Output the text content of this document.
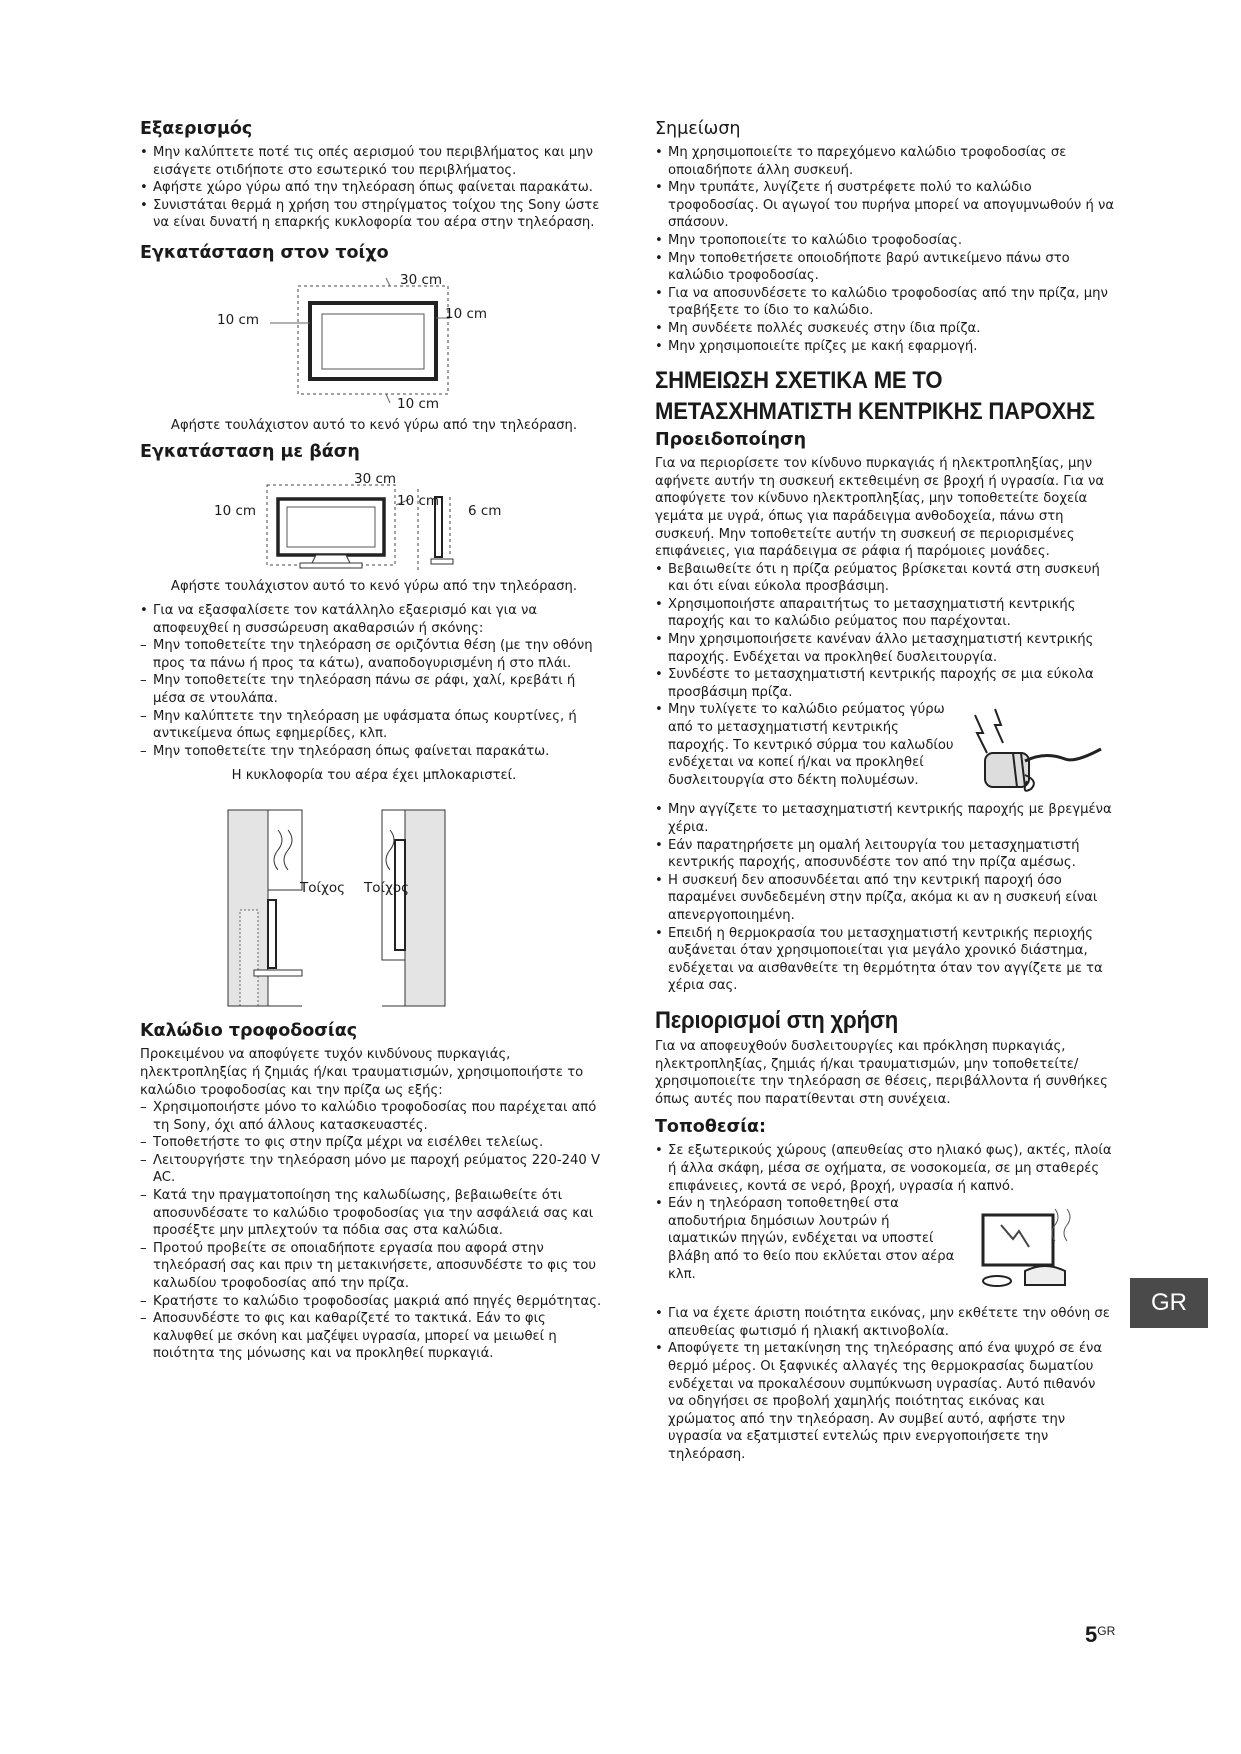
Εξαερισμός
• Μην καλύπτετε ποτέ τις οπές αερισμού του περιβλήματος και μην εισάγετε οτιδήποτε στο εσωτερικό του περιβλήματος.
• Αφήστε χώρο γύρω από την τηλεόραση όπως φαίνεται παρακάτω.
• Συνιστάται θερμά η χρήση του στηρίγματος τοίχου της Sony ώστε να είναι δυνατή η επαρκής κυκλοφορία του αέρα στην τηλεόραση.
Εγκατάσταση στον τοίχο
30 cm
10 cm	10 cm
10 cm
Αφήστε τουλάχιστον αυτό το κενό γύρω από την τηλεόραση.
Εγκατάσταση με βάση
30 cm
10 cm
10 cm
6 cm
Αφήστε τουλάχιστον αυτό το κενό γύρω από την τηλεόραση.
• Για να εξασφαλίσετε τον κατάλληλο εξαερισμό και για να αποφευχθεί η συσσώρευση ακαθαρσιών ή σκόνης:
– Μην τοποθετείτε την τηλεόραση σε οριζόντια θέση (με την οθόνη προς τα πάνω ή προς τα κάτω), αναποδογυρισμένη ή στο πλάι.
– Μην τοποθετείτε την τηλεόραση πάνω σε ράφι, χαλί, κρεβάτι ή μέσα σε ντουλάπα.
– Μην καλύπτετε την τηλεόραση με υφάσματα όπως κουρτίνες, ή αντικείμενα όπως εφημερίδες, κλπ.
– Μην τοποθετείτε την τηλεόραση όπως φαίνεται παρακάτω.
Η κυκλοφορία του αέρα έχει μπλοκαριστεί.
Τοίχος Τοίχος
Καλώδιο τροφοδοσίας

Προκειμένου να αποφύγετε τυχόν κινδύνους πυρκαγιάς, ηλεκτροπληξίας ή ζημιάς ή/και τραυματισμών, χρησιμοποιήστε το καλώδιο τροφοδοσίας και την πρίζα ως εξής:

– Χρησιμοποιήστε μόνο το καλώδιο τροφοδοσίας που παρέχεται από τη Sony, όχι από άλλους κατασκευαστές.
– Τοποθετήστε το φις στην πρίζα μέχρι να εισέλθει τελείως.
– Λειτουργήστε την τηλεόραση μόνο με παροχή ρεύματος 220-240 V AC.
– Κατά την πραγματοποίηση της καλωδίωσης, βεβαιωθείτε ότι αποσυνδέσατε το καλώδιο τροφοδοσίας για την ασφάλειά σας και προσέξτε μην μπλεχτούν τα πόδια σας στα καλώδια.
– Προτού προβείτε σε οποιαδήποτε εργασία που αφορά στην τηλεόρασή σας και πριν τη μετακινήσετε, αποσυνδέστε το φις του καλωδίου τροφοδοσίας από την πρίζα.
– Κρατήστε το καλώδιο τροφοδοσίας μακριά από πηγές θερμότητας.
– Αποσυνδέστε το φις και καθαρίζετέ το τακτικά. Εάν το φις καλυφθεί με σκόνη και μαζέψει υγρασία, μπορεί να μειωθεί η ποιότητα της μόνωσης και να προκληθεί πυρκαγιά.
Σημείωση
• Μη χρησιμοποιείτε το παρεχόμενο καλώδιο τροφοδοσίας σε οποιαδήποτε άλλη συσκευή.
• Μην τρυπάτε, λυγίζετε ή συστρέφετε πολύ το καλώδιο τροφοδοσίας. Οι αγωγοί του πυρήνα μπορεί να απογυμνωθούν ή να σπάσουν.
• Μην τροποποιείτε το καλώδιο τροφοδοσίας.
• Μην τοποθετήσετε οποιοδήποτε βαρύ αντικείμενο πάνω στο καλώδιο τροφοδοσίας.
• Για να αποσυνδέσετε το καλώδιο τροφοδοσίας από την πρίζα, μην τραβήξετε το ίδιο το καλώδιο.
• Μη συνδέετε πολλές συσκευές στην ίδια πρίζα.
• Μην χρησιμοποιείτε πρίζες με κακή εφαρμογή.
ΣΗΜΕΙΩΣΗ ΣΧΕΤΙΚΑ ΜΕ ΤΟ ΜΕΤΑΣΧΗΜΑΤΙΣΤΗ ΚΕΝΤΡΙΚΗΣ ΠΑΡΟΧΗΣ
Προειδοποίηση

Για να περιορίσετε τον κίνδυνο πυρκαγιάς ή ηλεκτροπληξίας, μην αφήνετε αυτήν τη συσκευή εκτεθειμένη σε βροχή ή υγρασία. Για να αποφύγετε τον κίνδυνο ηλεκτροπληξίας, μην τοποθετείτε δοχεία γεμάτα με υγρά, όπως για παράδειγμα ανθοδοχεία, πάνω στη συσκευή. Μην τοποθετείτε αυτήν τη συσκευή σε περιορισμένες επιφάνειες, για παράδειγμα σε ράφια ή παρόμοιες μονάδες.

• Βεβαιωθείτε ότι η πρίζα ρεύματος βρίσκεται κοντά στη συσκευή και ότι είναι εύκολα προσβάσιμη.
• Χρησιμοποιήστε απαραιτήτως το μετασχηματιστή κεντρικής παροχής και το καλώδιο ρεύματος που παρέχονται.
• Μην χρησιμοποιήσετε κανέναν άλλο μετασχηματιστή κεντρικής παροχής. Ενδέχεται να προκληθεί δυσλειτουργία.
• Συνδέστε το μετασχηματιστή κεντρικής παροχής σε μια εύκολα προσβάσιμη πρίζα.
• Μην τυλίγετε το καλώδιο ρεύματος γύρω από το μετασχηματιστή κεντρικής παροχής. Το κεντρικό σύρμα του καλωδίου ενδέχεται να κοπεί ή/και να προκληθεί δυσλειτουργία στο δέκτη πολυμέσων.
• Μην αγγίζετε το μετασχηματιστή κεντρικής παροχής με βρεγμένα χέρια.
• Εάν παρατηρήσετε μη ομαλή λειτουργία του μετασχηματιστή κεντρικής παροχής, αποσυνδέστε τον από την πρίζα αμέσως.
• Η συσκευή δεν αποσυνδέεται από την κεντρική παροχή όσο παραμένει συνδεδεμένη στην πρίζα, ακόμα κι αν η συσκευή είναι απενεργοποιημένη.
• Επειδή η θερμοκρασία του μετασχηματιστή κεντρικής περιοχής αυξάνεται όταν χρησιμοποιείται για μεγάλο χρονικό διάστημα, ενδέχεται να αισθανθείτε τη θερμότητα όταν τον αγγίζετε με τα χέρια σας.
Περιορισμοί στη χρήση

Για να αποφευχθούν δυσλειτουργίες και πρόκληση πυρκαγιάς, ηλεκτροπληξίας, ζημιάς ή/και τραυματισμών, μην τοποθετείτε/χρησιμοποιείτε την τηλεόραση σε θέσεις, περιβάλλοντα ή συνθήκες όπως αυτές που παρατίθενται στη συνέχεια.

Τοποθεσία:
• Σε εξωτερικούς χώρους (απευθείας στο ηλιακό φως), ακτές, πλοία ή άλλα σκάφη, μέσα σε οχήματα, σε νοσοκομεία, σε μη σταθερές επιφάνειες, κοντά σε νερό, βροχή, υγρασία ή καπνό.
• Εάν η τηλεόραση τοποθετηθεί στα αποδυτήρια δημόσιων λουτρών ή ιαματικών πηγών, ενδέχεται να υποστεί βλάβη από το θείο που εκλύεται στον αέρα κλπ.
• Για να έχετε άριστη ποιότητα εικόνας, μην εκθέτετε την οθόνη σε απευθείας φωτισμό ή ηλιακή ακτινοβολία.
• Αποφύγετε τη μετακίνηση της τηλεόρασης από ένα ψυχρό σε ένα θερμό μέρος. Οι ξαφνικές αλλαγές της θερμοκρασίας δωματίου ενδέχεται να προκαλέσουν συμπύκνωση υγρασίας. Αυτό πιθανόν να οδηγήσει σε προβολή χαμηλής ποιότητας εικόνας και χρώματος από την τηλεόραση. Αν συμβεί αυτό, αφήστε την υγρασία να εξατμιστεί εντελώς πριν ενεργοποιήσετε την τηλεόραση.
GR
$5^{GR}$
